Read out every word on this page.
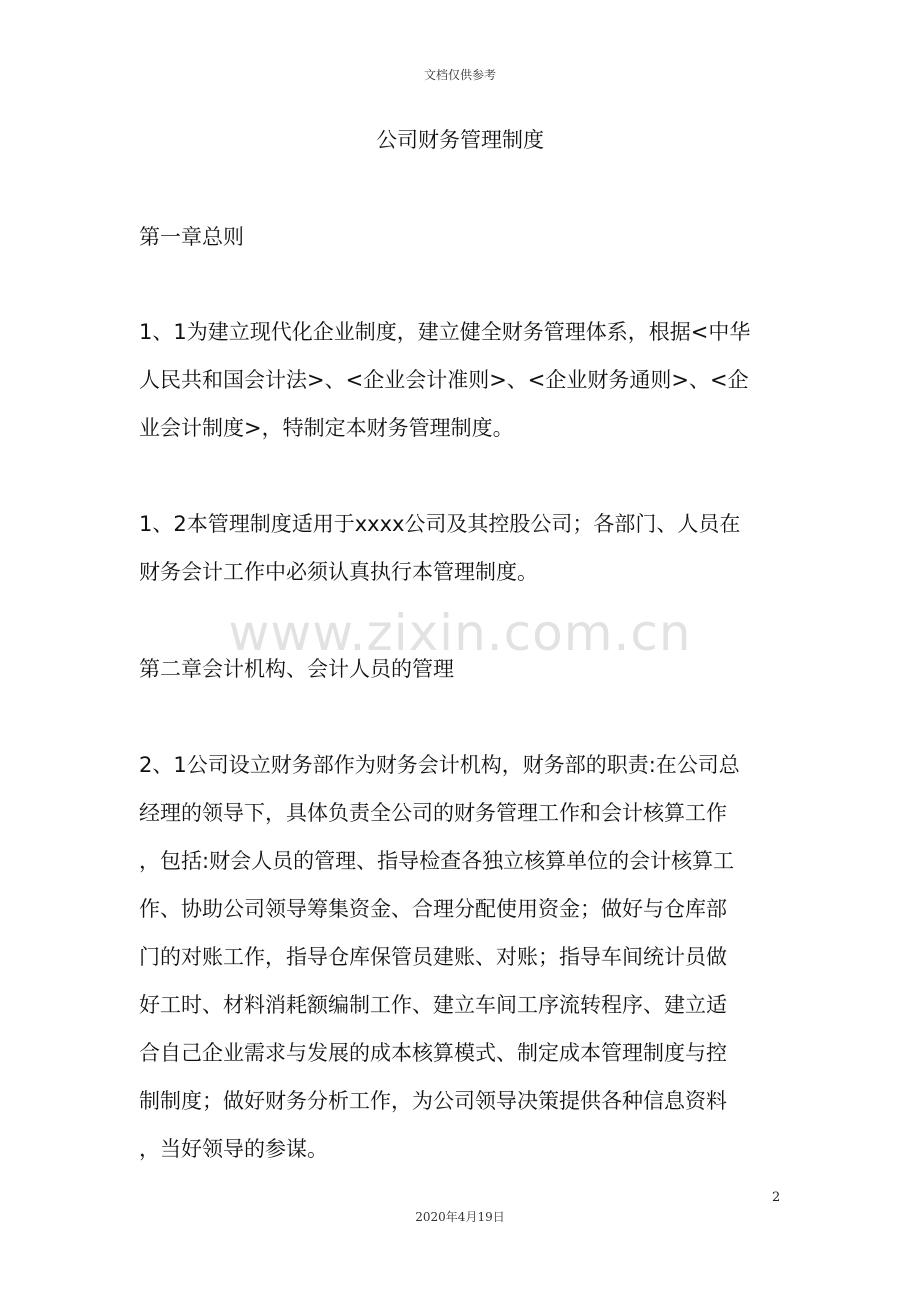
文档仅供参考
公司财务管理制度
第一章总则
1、1为建立现代化企业制度，建立健全财务管理体系，根据<中华
人民共和国会计法>、<企业会计准则>、<企业财务通则>、<企
业会计制度>，特制定本财务管理制度。
1、2本管理制度适用于xxxx公司及其控股公司；各部门、人员在
财务会计工作中必须认真执行本管理制度。
第二章会计机构、会计人员的管理
2、1公司设立财务部作为财务会计机构，财务部的职责:在公司总
经理的领导下，具体负责全公司的财务管理工作和会计核算工作
，包括:财会人员的管理、指导检查各独立核算单位的会计核算工
作、协助公司领导筹集资金、合理分配使用资金；做好与仓库部
门的对账工作，指导仓库保管员建账、对账；指导车间统计员做
好工时、材料消耗额编制工作、建立车间工序流转程序、建立适
合自己企业需求与发展的成本核算模式、制定成本管理制度与控
制制度；做好财务分析工作，为公司领导决策提供各种信息资料
，当好领导的参谋。
www.zixin.com.cn
2
2020年4月19日
